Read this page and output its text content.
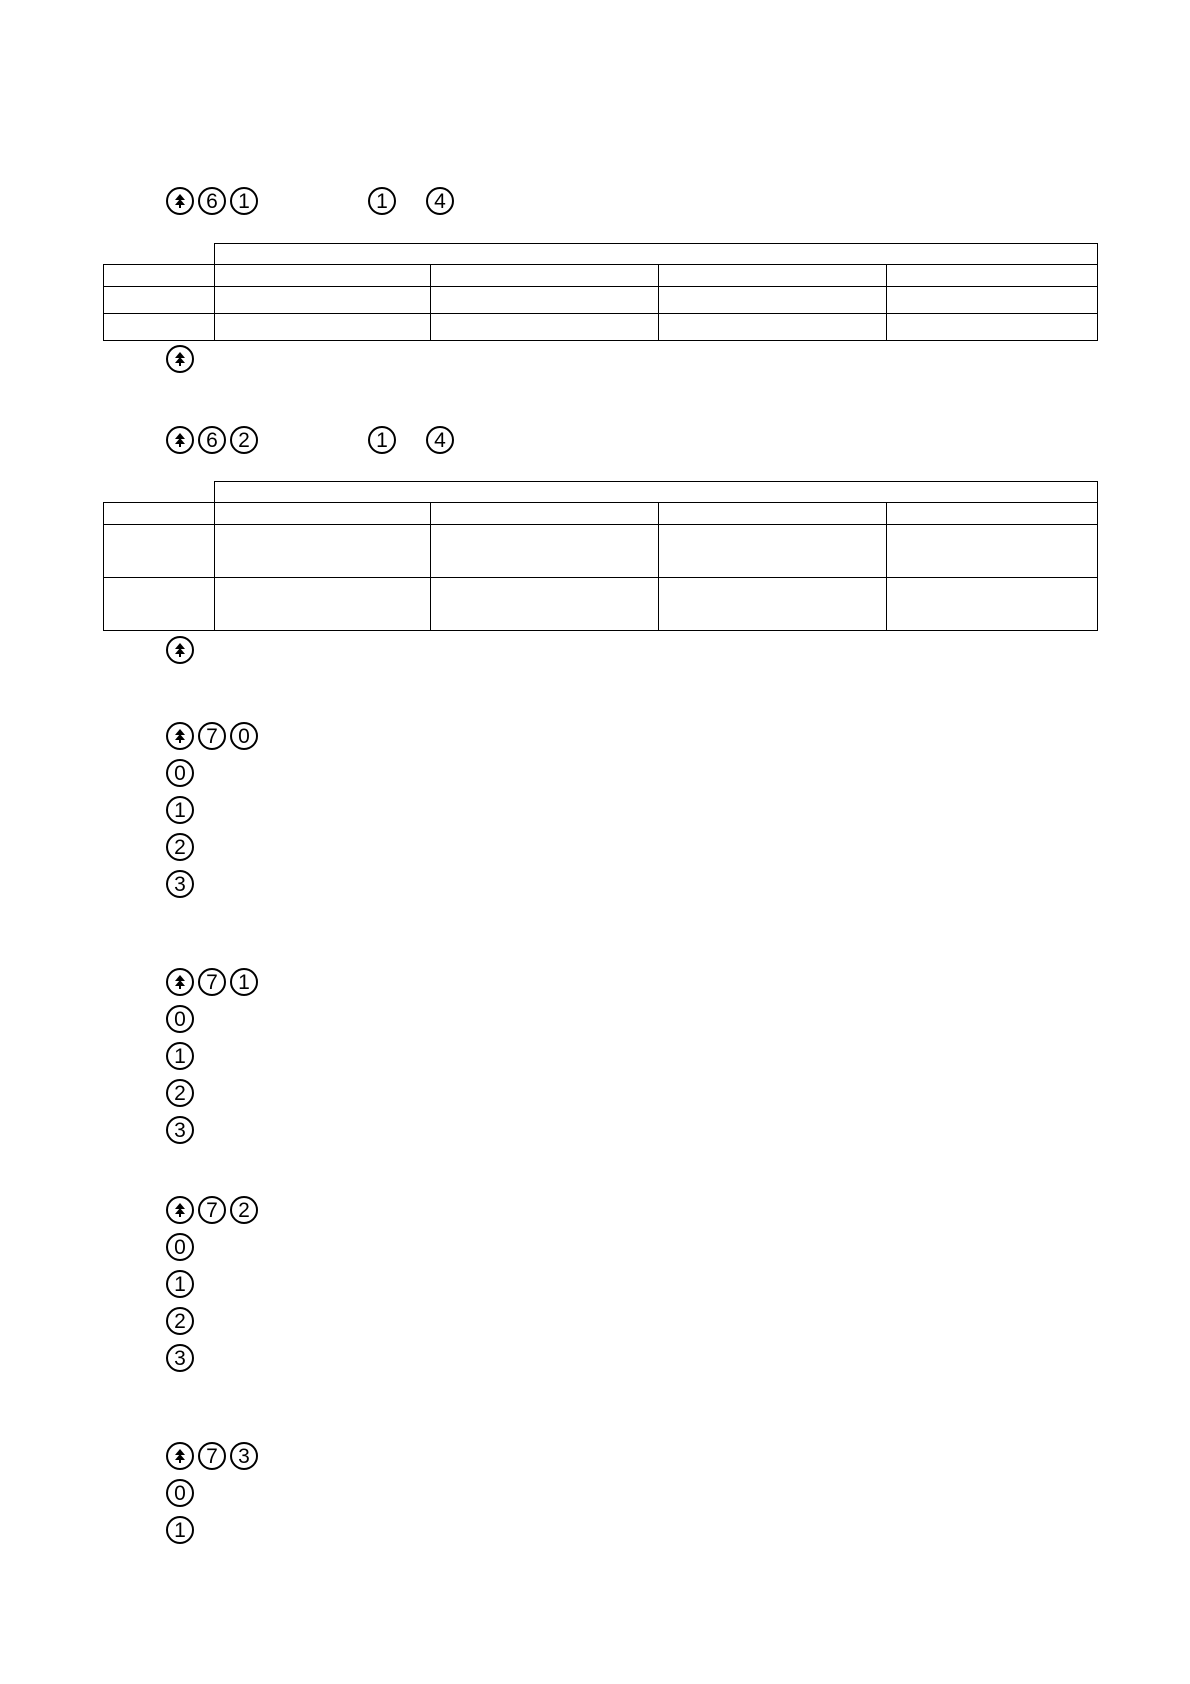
6 1	1	4

6 2	1	4

7 0
0
1
2
3
7 1
0
1
2
3
7 2
0
1
2
3
7 3
0
1
